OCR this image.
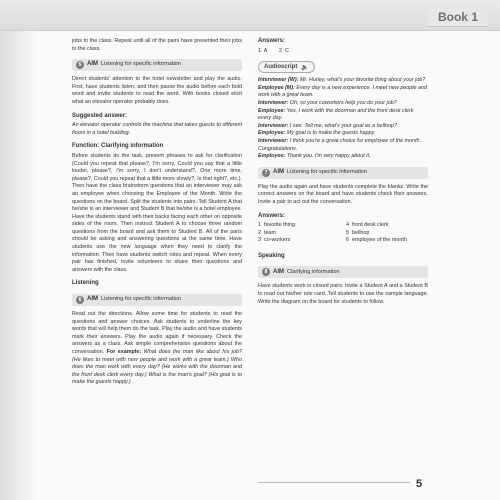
Book 1

jobs to the class. Repeat until all of the pairs have presented their jobs to the class.

5 AIM Listening for specific information

Direct students' attention to the hotel newsletter and play the audio. First, have students listen, and then pause the audio before each bold word and invite students to read the word. With books closed elicit what an elevator operator probably does.

Suggested answer:

An elevator operator controls the machine that takes guests to different floors in a hotel building.

Function: Clarifying information

Before students do the task, present phrases to ask for clarification (Could you repeat that please?, I'm sorry, Could you say that a little louder, please?, I'm sorry, I don't understand?, One more time, please?, Could you repeat that a little more slowly?, Is that right?, etc.). Then have the class brainstorm questions that an interviewer may ask an employee when choosing the Employee of the Month. Write the questions on the board. Split the students into pairs. Tell Student A that he/she is an interviewer and Student B that he/she is a hotel employee. Have the students stand with their backs facing each other on opposite sides of the room. Then instruct Student A to choose three random questions from the board and ask them to Student B. All of the pairs should be asking and answering questions at the same time. Have students use the new language when they need to clarify the information. Then have students switch roles and repeat. When every pair has finished, invite volunteers to share their questions and answers with the class.

Listening
6 AIM Listening for specific information

Read out the directions. Allow some time for students to read the questions and answer choices. Ask students to underline the key words that will help them do the task. Play the audio and have students mark their answers. Play the audio again if necessary. Check the answers as a class. Ask simple comprehension questions about the conversation. For example: What does the man like about his job? (He likes to meet with new people and work with a great team.) Who does the man work with every day? (He works with the doorman and the front desk clerk every day.) What is the man's goal? (His goal is to make the guests happy.)

Answers:
1  A        2  C
Audioscript 🔈

Interviewer (W): Mr. Hurley, what's your favorite thing about your job?

Employee (M): Every day is a new experience. I meet new people and work with a great team.

Interviewer: Oh, so your coworkers help you do your job?

Employee: Yes, I work with the doorman and the front desk clerk every day.

Interviewer: I see. Tell me, what's your goal as a bellhop?

Employee: My goal is to make the guests happy.

Interviewer: I think you're a great choice for employee of the month. Congratulations.

Employee: Thank you. I'm very happy about it.

7 AIM Listening for specific information

Play the audio again and have students complete the blanks. Write the correct answers on the board and have students check their answers. Invite a pair to act out the conversation.

Answers:
1 favorite thing	4 front desk clerk
2 team	5 bellhop
3 co-workers	6 employee of the month
Speaking
8 AIM Clarifying information

Have students work in closed pairs. Invite a Student A and a Student B to read out his/her role card. Tell students to use the sample language. Write the diagram on the board for students to follow.

5
